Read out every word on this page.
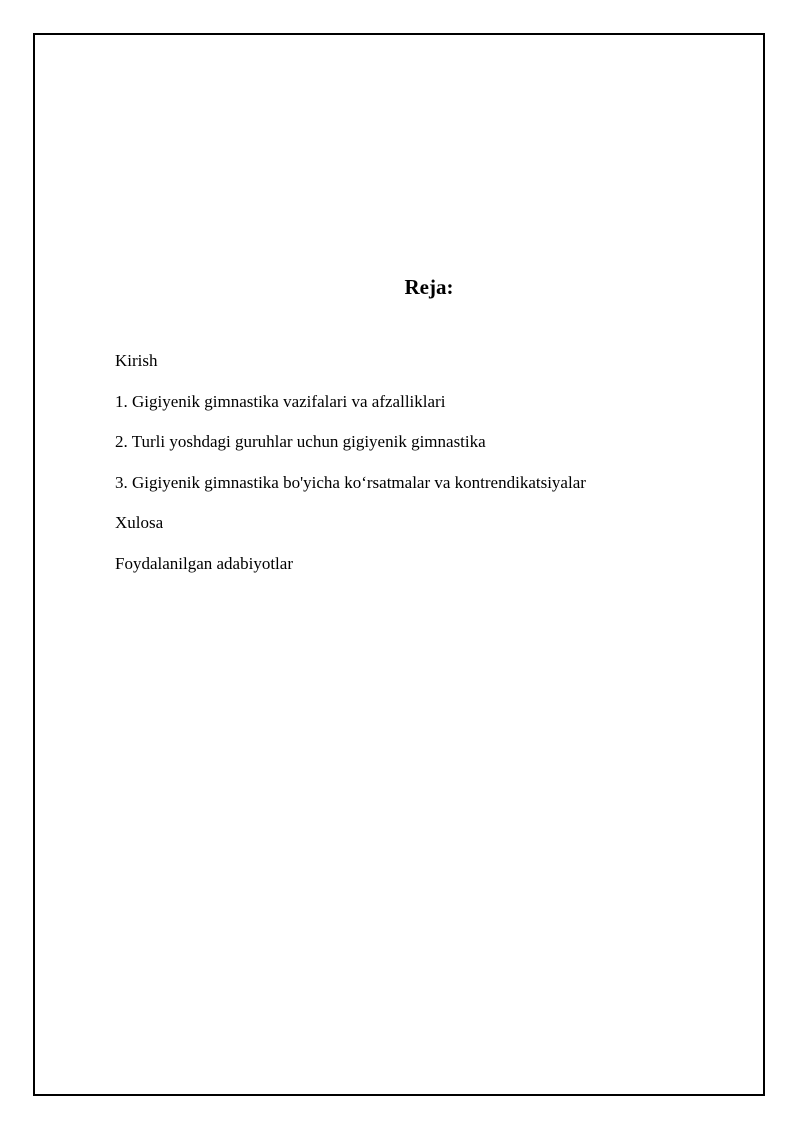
Reja:
Kirish
1. Gigiyenik gimnastika vazifalari va afzalliklari
2. Turli yoshdagi guruhlar uchun gigiyenik gimnastika
3. Gigiyenik gimnastika bo'yicha koʻrsatmalar va kontrendikatsiyalar
Xulosa
Foydalanilgan adabiyotlar
